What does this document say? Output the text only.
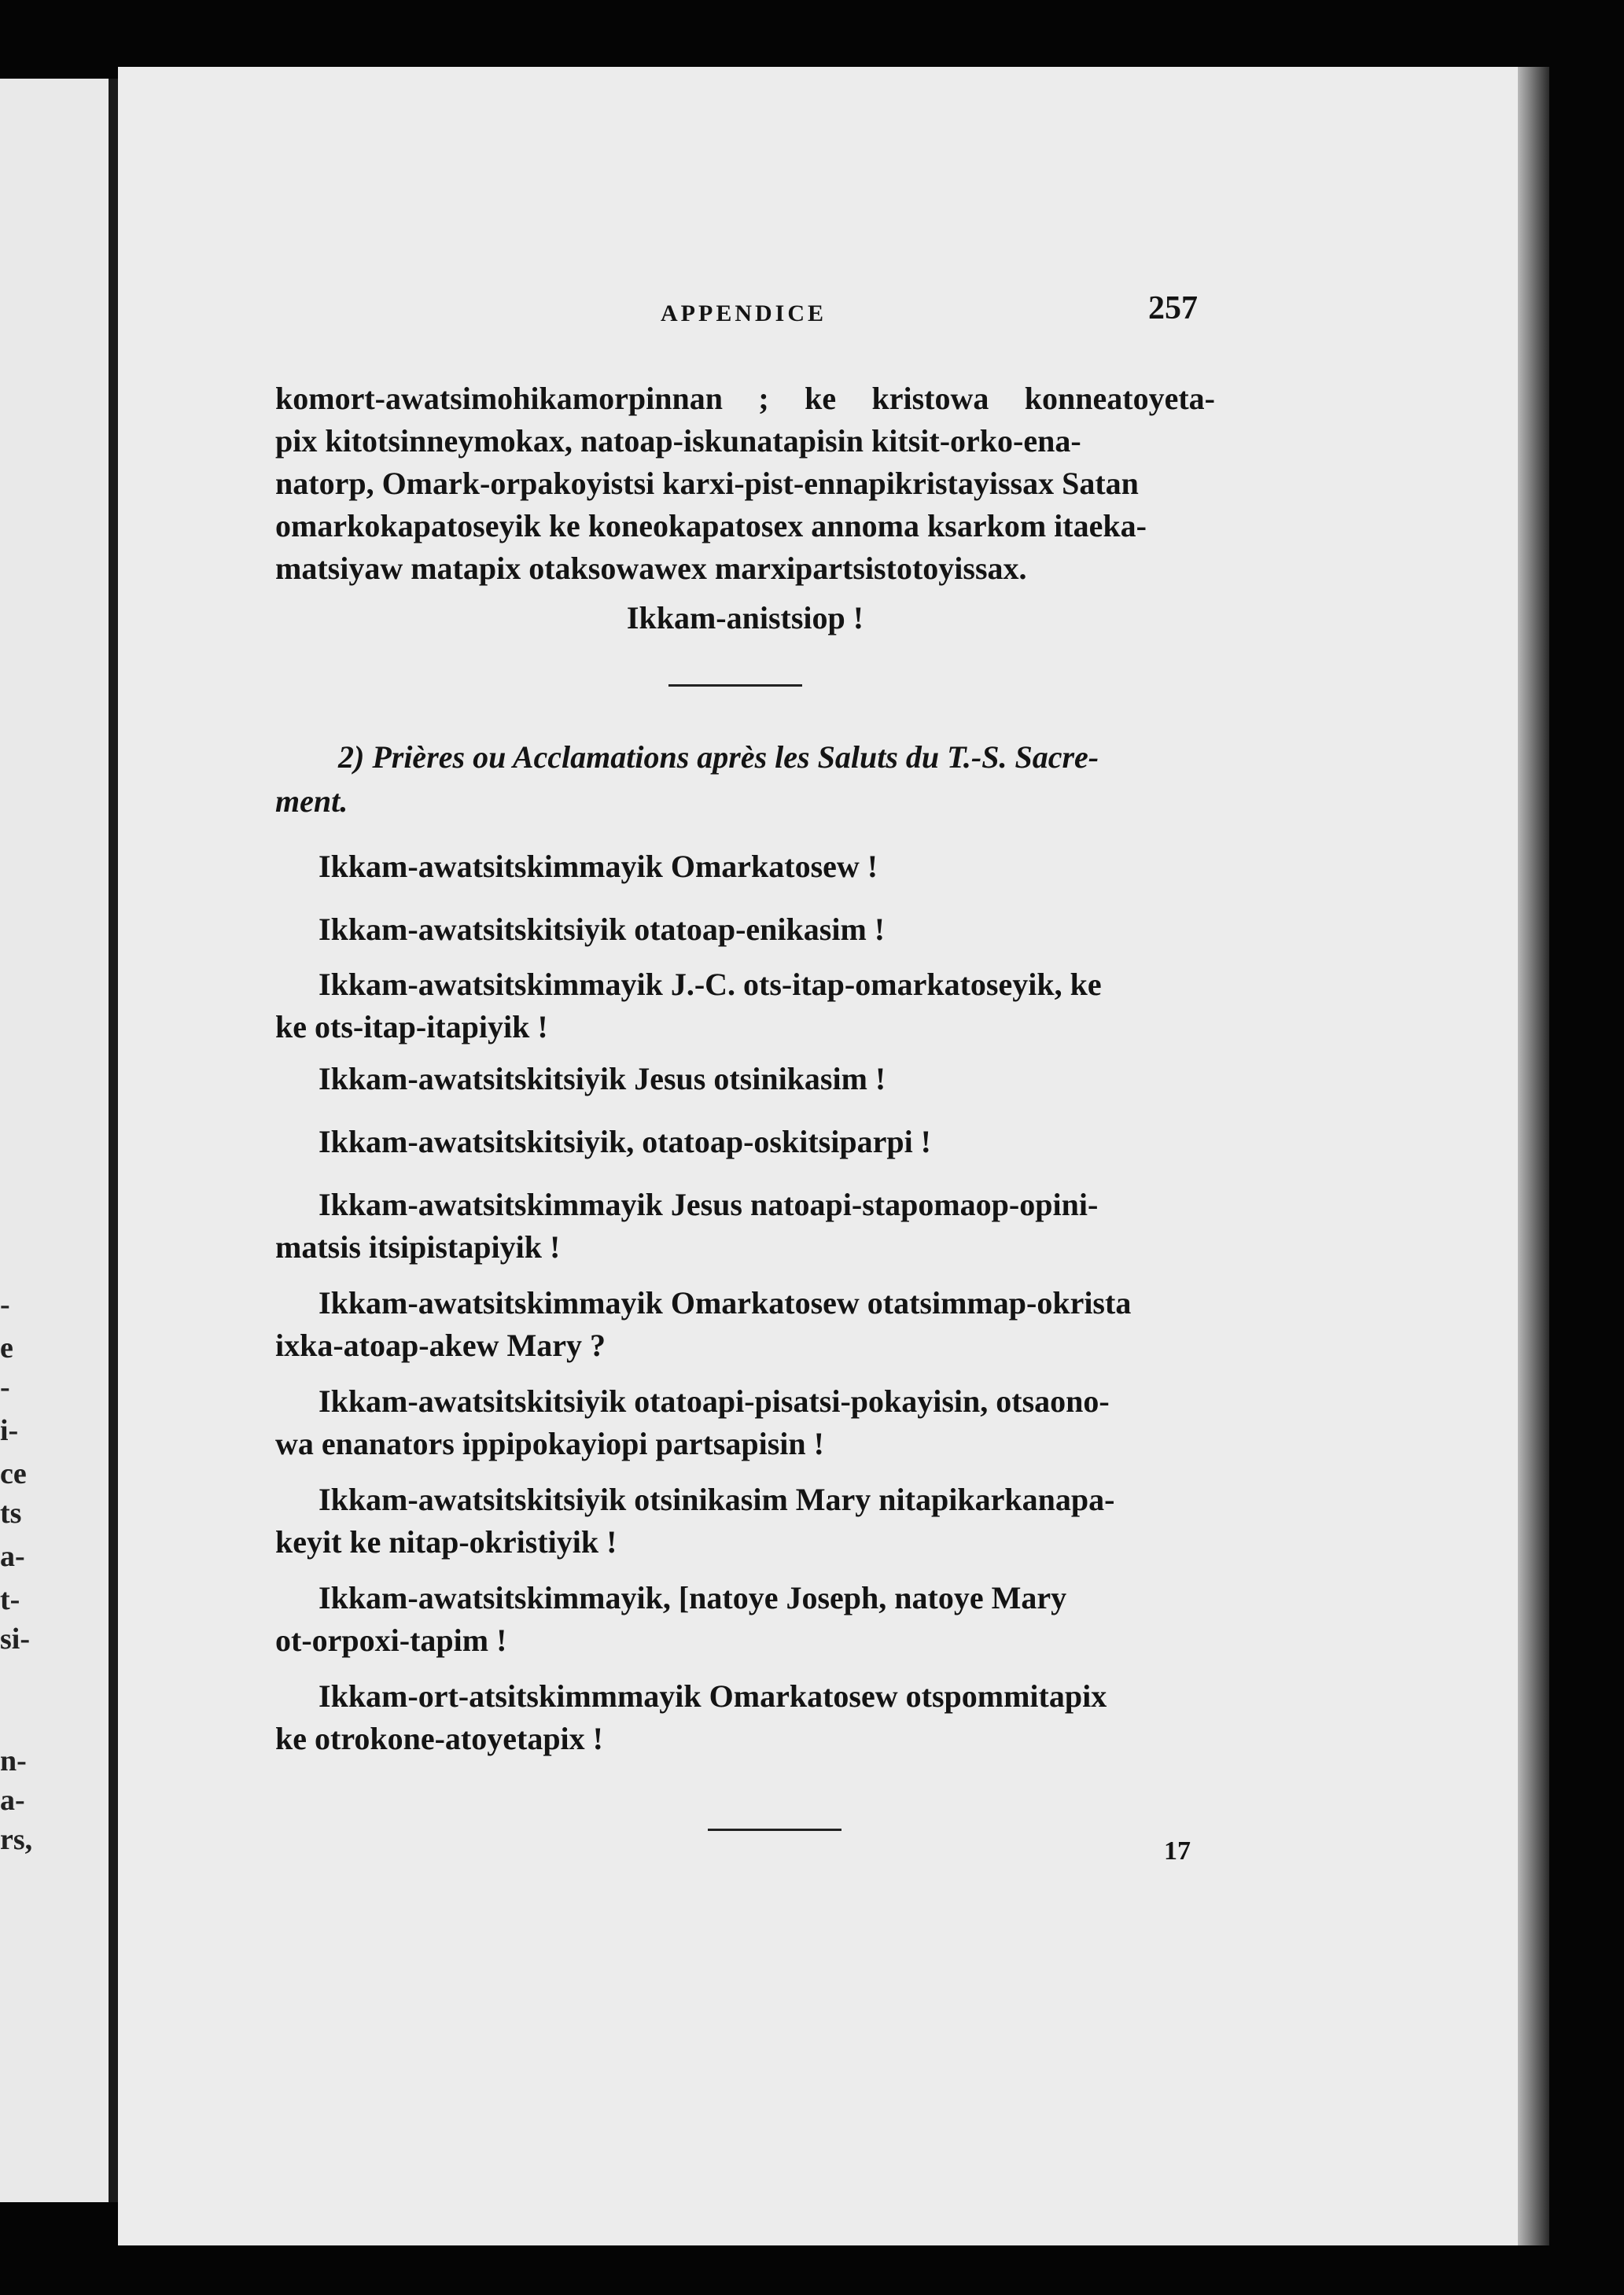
-
e
-
i-
ce
ts
a-
t-
si-
n-
a-
rs,
APPENDICE	257
komort-awatsimohikamorpinnan ; ke kristowa konneatoyeta-
pix kitotsinneymokax, natoap-iskunatapisin kitsit-orko-ena-
natorp, Omark-orpakoyistsi karxi-pist-ennapikristayissax Satan
omarkokapatoseyik ke koneokapatosex annoma ksarkom itaeka-
matsiyaw matapix otaksowawex marxipartsistotoyissax.
Ikkam-anistsiop !
2) Prières ou Acclamations après les Saluts du T.-S. Sacre-
ment.
Ikkam-awatsitskimmayik Omarkatosew !
Ikkam-awatsitskitsiyik otatoap-enikasim !
Ikkam-awatsitskimmayik J.-C. ots-itap-omarkatoseyik, ke
ke ots-itap-itapiyik !
Ikkam-awatsitskitsiyik Jesus otsinikasim !
Ikkam-awatsitskitsiyik, otatoap-oskitsiparpi !
Ikkam-awatsitskimmayik Jesus natoapi-stapomaop-opini-
matsis itsipistapiyik !
Ikkam-awatsitskimmayik Omarkatosew otatsimmap-okrista
ixka-atoap-akew Mary ?
Ikkam-awatsitskitsiyik otatoapi-pisatsi-pokayisin, otsaono-
wa enanators ippipokayiopi partsapisin !
Ikkam-awatsitskitsiyik otsinikasim Mary nitapikarkanapa-
keyit ke nitap-okristiyik !
Ikkam-awatsitskimmayik, [natoye Joseph, natoye Mary
ot-orpoxi-tapim !
Ikkam-ort-atsitskimmmayik Omarkatosew otspommitapix
ke otrokone-atoyetapix !
17
